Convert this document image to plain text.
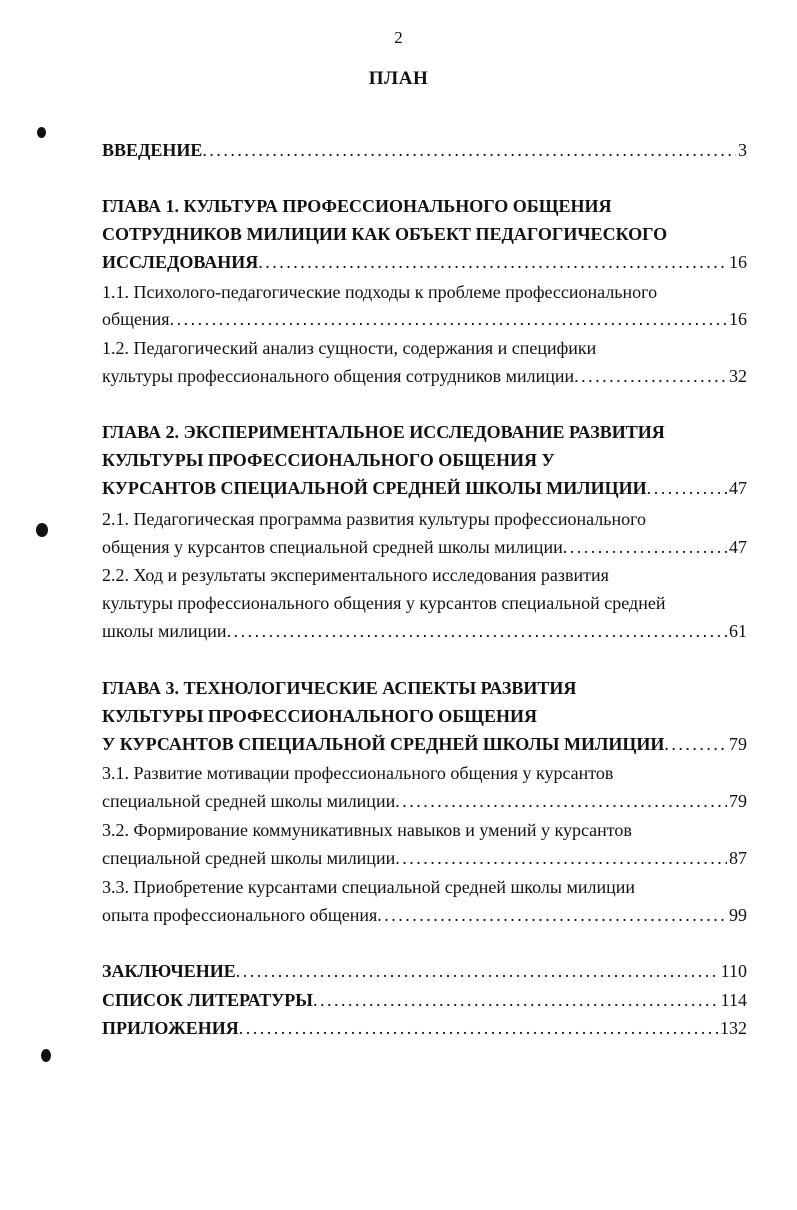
2
ПЛАН
ВВЕДЕНИЕ . . .	3
ГЛАВА 1. КУЛЬТУРА ПРОФЕССИОНАЛЬНОГО ОБЩЕНИЯ
СОТРУДНИКОВ МИЛИЦИИ КАК ОБЪЕКТ ПЕДАГОГИЧЕСКОГО
ИССЛЕДОВАНИЯ . . .	16
1.1. Психолого-педагогические подходы к проблеме профессионального
общения . . .	16
1.2. Педагогический анализ сущности, содержания и специфики
культуры профессионального общения сотрудников милиции . . .	32
ГЛАВА 2. ЭКСПЕРИМЕНТАЛЬНОЕ ИССЛЕДОВАНИЕ РАЗВИТИЯ
КУЛЬТУРЫ ПРОФЕССИОНАЛЬНОГО ОБЩЕНИЯ У
КУРСАНТОВ СПЕЦИАЛЬНОЙ СРЕДНЕЙ ШКОЛЫ МИЛИЦИИ . . .	47
2.1. Педагогическая программа развития культуры профессионального
общения у курсантов специальной средней школы милиции . . .	47
2.2. Ход и результаты экспериментального исследования развития
культуры профессионального общения у курсантов специальной средней
школы милиции . . .	61
ГЛАВА 3. ТЕХНОЛОГИЧЕСКИЕ АСПЕКТЫ РАЗВИТИЯ
КУЛЬТУРЫ ПРОФЕССИОНАЛЬНОГО ОБЩЕНИЯ
У КУРСАНТОВ СПЕЦИАЛЬНОЙ СРЕДНЕЙ ШКОЛЫ МИЛИЦИИ . . .	79
3.1. Развитие мотивации профессионального общения у курсантов
специальной средней школы милиции . . .	79
3.2. Формирование коммуникативных навыков и умений у курсантов
специальной средней школы милиции . . .	87
3.3. Приобретение курсантами специальной средней школы милиции
опыта профессионального общения . . .	99
ЗАКЛЮЧЕНИЕ . . .	110
СПИСОК ЛИТЕРАТУРЫ . . .	114
ПРИЛОЖЕНИЯ . . .	132
